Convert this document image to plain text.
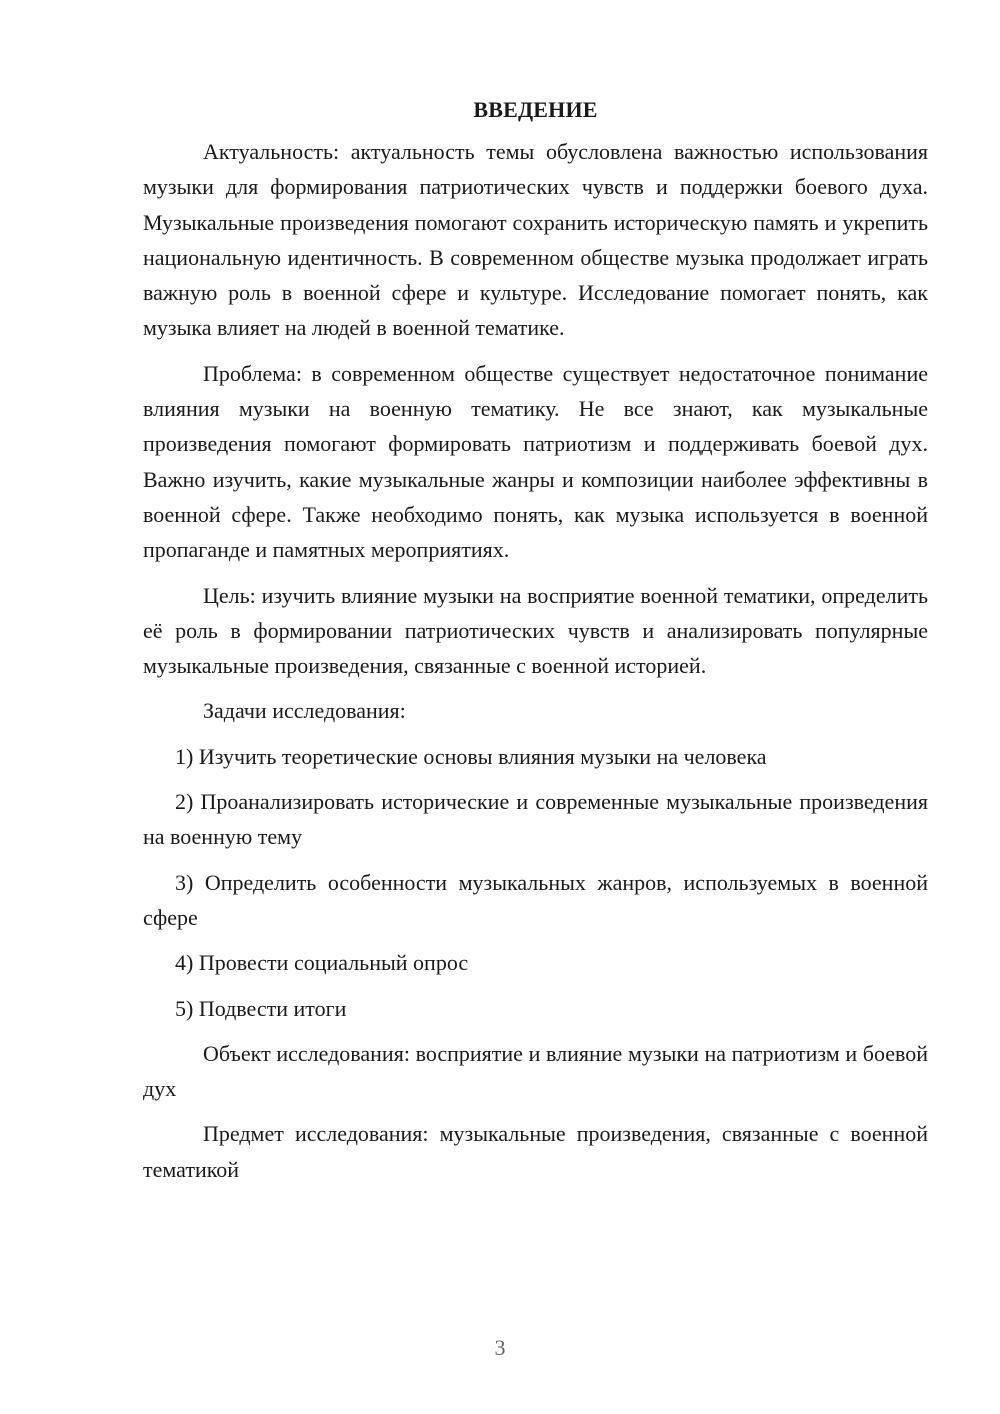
ВВЕДЕНИЕ

Актуальность: актуальность темы обусловлена важностью использования музыки для формирования патриотических чувств и поддержки боевого духа. Музыкальные произведения помогают сохранить историческую память и укрепить национальную идентичность. В современном обществе музыка продолжает играть важную роль в военной сфере и культуре. Исследование помогает понять, как музыка влияет на людей в военной тематике.

Проблема: в современном обществе существует недостаточное понимание влияния музыки на военную тематику. Не все знают, как музыкальные произведения помогают формировать патриотизм и поддерживать боевой дух. Важно изучить, какие музыкальные жанры и композиции наиболее эффективны в военной сфере. Также необходимо понять, как музыка используется в военной пропаганде и памятных мероприятиях.

Цель: изучить влияние музыки на восприятие военной тематики, определить её роль в формировании патриотических чувств и анализировать популярные музыкальные произведения, связанные с военной историей.

Задачи исследования:

1) Изучить теоретические основы влияния музыки на человека

2) Проанализировать исторические и современные музыкальные произведения на военную тему

3) Определить особенности музыкальных жанров, используемых в военной сфере

4) Провести социальный опрос

5) Подвести итоги

Объект исследования: восприятие и влияние музыки на патриотизм и боевой дух

Предмет исследования: музыкальные произведения, связанные с военной тематикой

3
